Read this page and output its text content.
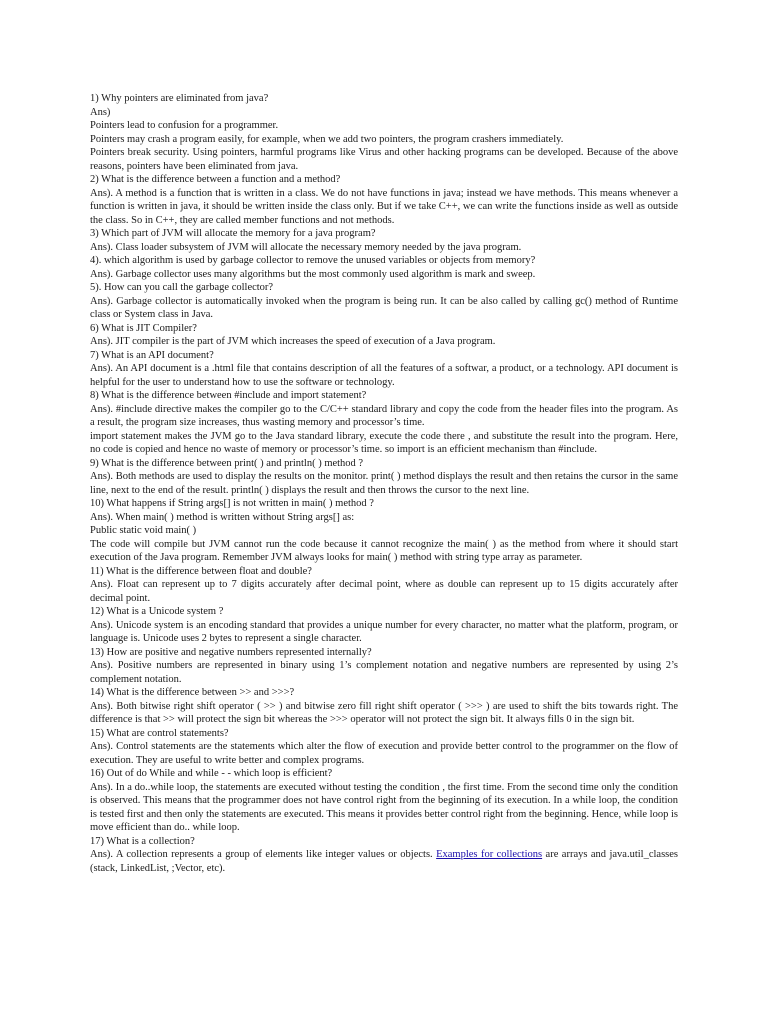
1) Why pointers are eliminated from java?

Ans)

Pointers lead to confusion for a programmer.

Pointers may crash a program easily, for example, when we add two pointers, the program crashers immediately.

Pointers break security. Using pointers, harmful programs like Virus and other hacking programs can be developed. Because of the above reasons, pointers have been eliminated from java.

2) What is the difference between a function and a method?

Ans). A method is a function that is written in a class. We do not have functions in java; instead we have methods. This means whenever a function is written in java, it should be written inside the class only. But if we take C++, we can write the functions inside as well as outside the class. So in C++, they are called member functions and not methods.

3) Which part of JVM will allocate the memory for a java program?

Ans). Class loader subsystem of JVM will allocate the necessary memory needed by the java program.

4). which algorithm is used by garbage collector to remove the unused variables or objects from memory?

Ans). Garbage collector uses many algorithms but the most commonly used algorithm is mark and sweep.

5). How can you call the garbage collector?

Ans). Garbage collector is automatically invoked when the program is being run. It can be also called by calling gc() method of Runtime class or System class in Java.

6) What is JIT Compiler?

Ans). JIT compiler is the part of JVM which increases the speed of execution of a Java program.

7) What is an API document?

Ans). An API document is a .html file that contains description of all the features of a softwar, a product, or a technology. API document is helpful for the user to understand how to use the software or technology.

8) What is the difference between #include and import statement?

Ans). #include directive makes the compiler go to the C/C++ standard library and copy the code from the header files into the program. As a result, the program size increases, thus wasting memory and processor’s time.

import statement makes the JVM go to the Java standard library, execute the code there , and substitute the result into the program. Here, no code is copied and hence no waste of memory or processor’s time. so import is an efficient mechanism than #include.

9) What is the difference between print( ) and println( ) method ?

Ans). Both methods are used to display the results on the monitor. print( ) method displays the result and then retains the cursor in the same line, next to the end of the result. println( ) displays the result and then throws the cursor to the next line.

10) What happens if String args[] is not written in main( ) method ?

Ans). When main( ) method is written without String args[] as:

Public static void main( )

The code will compile but JVM cannot run the code because it cannot recognize the main( ) as the method from where it should start execution of the Java program. Remember JVM always looks for main( ) method with string type array as parameter.

11) What is the difference between float and double?

Ans). Float can represent up to 7 digits accurately after decimal point, where as double can represent up to 15 digits accurately after decimal point.

12) What is a Unicode system ?

Ans). Unicode system is an encoding standard that provides a unique number for every character, no matter what the platform, program, or language is. Unicode uses 2 bytes to represent a single character.

13) How are positive and negative numbers represented internally?

Ans). Positive numbers are represented in binary using 1’s complement notation and negative numbers are represented by using 2’s complement notation.

14) What is the difference between >> and >>>?

Ans). Both bitwise right shift operator ( >> ) and bitwise zero fill right shift operator ( >>> ) are used to shift the bits towards right. The difference is that >> will protect the sign bit whereas the >>> operator will not protect the sign bit. It always fills 0 in the sign bit.

15) What are control statements?

Ans). Control statements are the statements which alter the flow of execution and provide better control to the programmer on the flow of execution. They are useful to write better and complex programs.

16) Out of do While and while - - which loop is efficient?

Ans). In a do..while loop, the statements are executed without testing the condition , the first time. From the second time only the condition is observed. This means that the programmer does not have control right from the beginning of its execution. In a while loop, the condition is tested first and then only the statements are executed. This means it provides better control right from the beginning. Hence, while loop is move efficient than do.. while loop.

17) What is a collection?

Ans). A collection represents a group of elements like integer values or objects. Examples for collections are arrays and java.util_classes (stack, LinkedList, ;Vector, etc).
